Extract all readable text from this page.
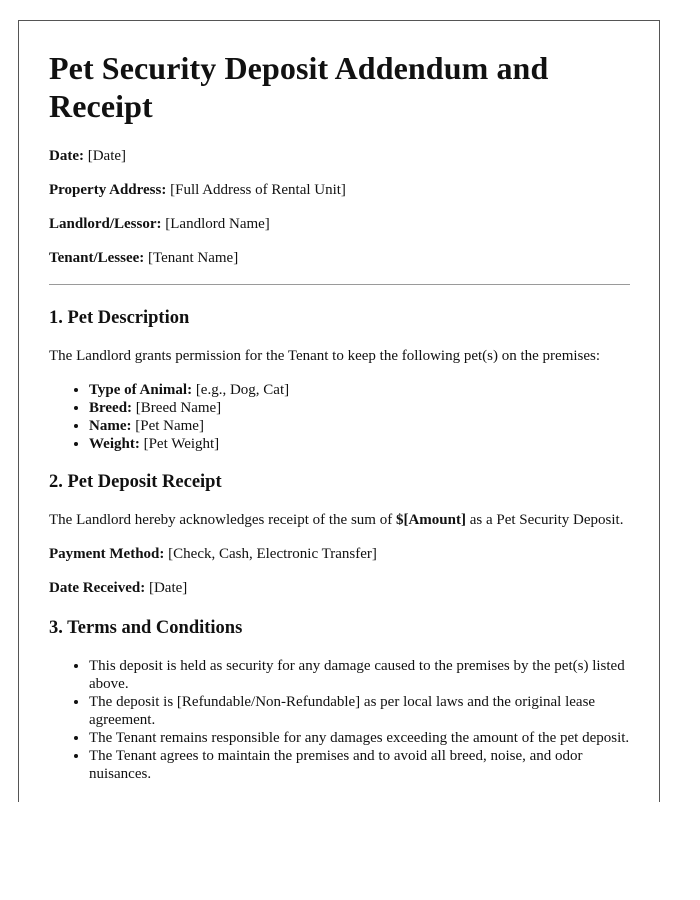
Pet Security Deposit Addendum and Receipt
Date: [Date]
Property Address: [Full Address of Rental Unit]
Landlord/Lessor: [Landlord Name]
Tenant/Lessee: [Tenant Name]
1. Pet Description

The Landlord grants permission for the Tenant to keep the following pet(s) on the premises:

• Type of Animal: [e.g., Dog, Cat]
• Breed: [Breed Name]
• Name: [Pet Name]
• Weight: [Pet Weight]
2. Pet Deposit Receipt

The Landlord hereby acknowledges receipt of the sum of $[Amount] as a Pet Security Deposit.

Payment Method: [Check, Cash, Electronic Transfer]
Date Received: [Date]
3. Terms and Conditions
• This deposit is held as security for any damage caused to the premises by the pet(s) listed above.
• The deposit is [Refundable/Non-Refundable] as per local laws and the original lease agreement.
• The Tenant remains responsible for any damages exceeding the amount of the pet deposit.
• The Tenant agrees to maintain the premises and to avoid all breed, noise, and odor nuisances.
